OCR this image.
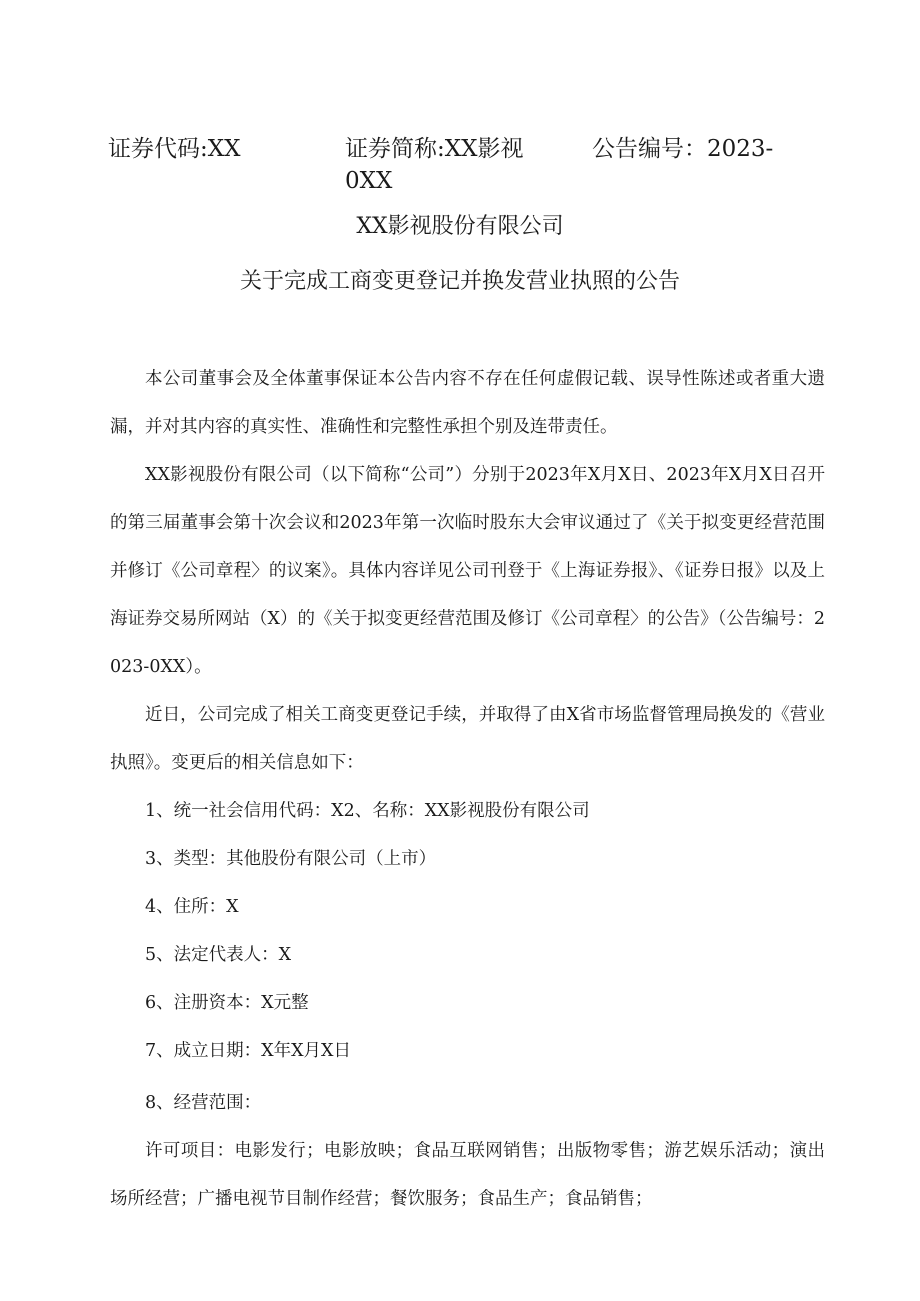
证券代码:XX	证券简称:XX影视	公告编号：2023-
0XX
XX影视股份有限公司
关于完成工商变更登记并换发营业执照的公告

本公司董事会及全体董事保证本公告内容不存在任何虚假记载、误导性陈述或者重大遗漏，并对其内容的真实性、准确性和完整性承担个别及连带责任。

XX影视股份有限公司（以下简称“公司”）分别于2023年X月X日、2023年X月X日召开的第三届董事会第十次会议和2023年第一次临时股东大会审议通过了《关于拟变更经营范围并修订《公司章程〉的议案》。具体内容详见公司刊登于《上海证券报》、《证券日报》以及上海证券交易所网站（X）的《关于拟变更经营范围及修订《公司章程〉的公告》（公告编号：2023-0XX）。

近日，公司完成了相关工商变更登记手续，并取得了由X省市场监督管理局换发的《营业执照》。变更后的相关信息如下：

1、统一社会信用代码：X2、名称：XX影视股份有限公司

3、类型：其他股份有限公司（上市）

4、住所：X

5、法定代表人：X

6、注册资本：X元整

7、成立日期：X年X月X日

8、经营范围：

许可项目：电影发行；电影放映；食品互联网销售；出版物零售；游艺娱乐活动；演出场所经营；广播电视节目制作经营；餐饮服务；食品生产；食品销售；
